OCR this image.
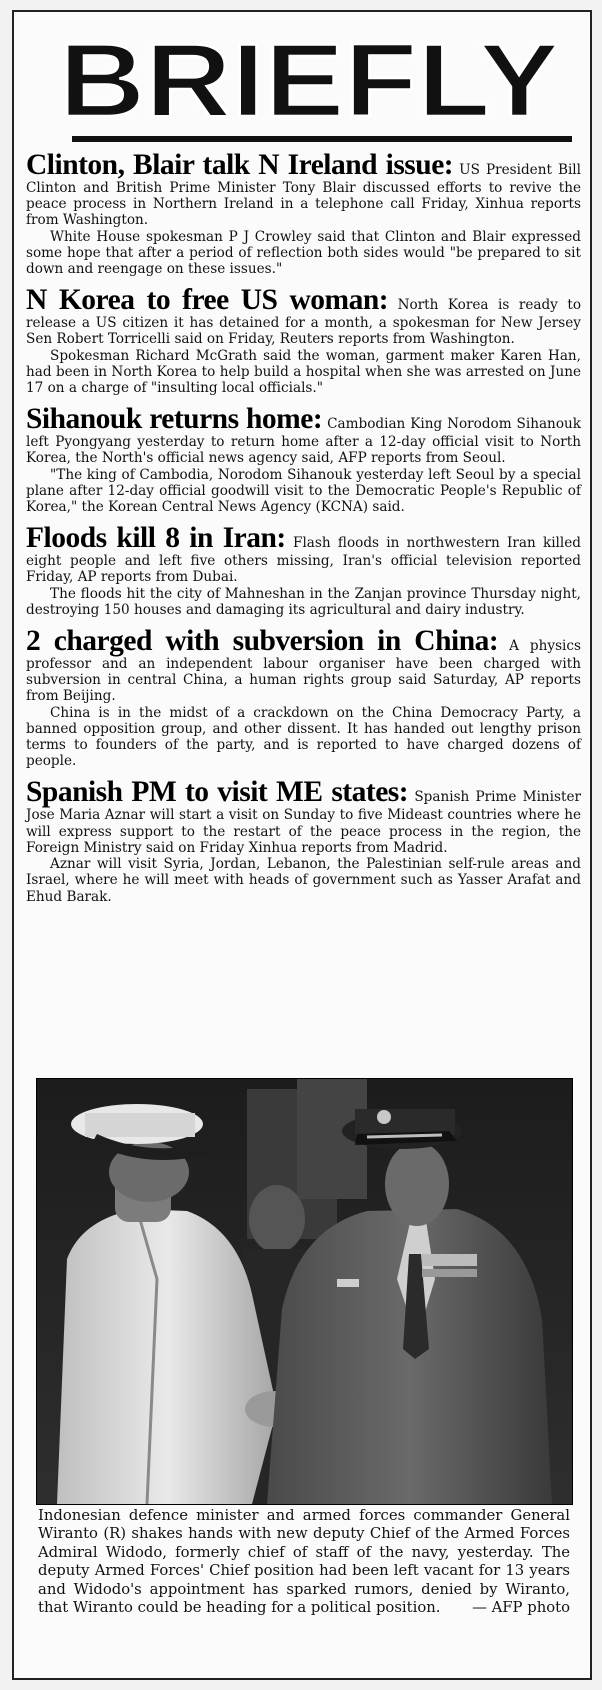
BRIEFLY

Clinton, Blair talk N Ireland issue: US President Bill Clinton and British Prime Minister Tony Blair discussed efforts to revive the peace process in Northern Ireland in a telephone call Friday, Xinhua reports from Washington.

White House spokesman P J Crowley said that Clinton and Blair expressed some hope that after a period of reflection both sides would "be prepared to sit down and reengage on these issues."

N Korea to free US woman: North Korea is ready to release a US citizen it has detained for a month, a spokesman for New Jersey Sen Robert Torricelli said on Friday, Reuters reports from Washington.

Spokesman Richard McGrath said the woman, garment maker Karen Han, had been in North Korea to help build a hospital when she was arrested on June 17 on a charge of "insulting local officials."

Sihanouk returns home: Cambodian King Norodom Sihanouk left Pyongyang yesterday to return home after a 12-day official visit to North Korea, the North's official news agency said, AFP reports from Seoul.

"The king of Cambodia, Norodom Sihanouk yesterday left Seoul by a special plane after 12-day official goodwill visit to the Democratic People's Republic of Korea," the Korean Central News Agency (KCNA) said.

Floods kill 8 in Iran: Flash floods in northwestern Iran killed eight people and left five others missing, Iran's official television reported Friday, AP reports from Dubai.

The floods hit the city of Mahneshan in the Zanjan province Thursday night, destroying 150 houses and damaging its agricultural and dairy industry.

2 charged with subversion in China: A physics professor and an independent labour organiser have been charged with subversion in central China, a human rights group said Saturday, AP reports from Beijing.

China is in the midst of a crackdown on the China Democracy Party, a banned opposition group, and other dissent. It has handed out lengthy prison terms to founders of the party, and is reported to have charged dozens of people.

Spanish PM to visit ME states: Spanish Prime Minister Jose Maria Aznar will start a visit on Sunday to five Mideast countries where he will express support to the restart of the peace process in the region, the Foreign Ministry said on Friday Xinhua reports from Madrid.

Aznar will visit Syria, Jordan, Lebanon, the Palestinian self-rule areas and Israel, where he will meet with heads of government such as Yasser Arafat and Ehud Barak.

Indonesian defence minister and armed forces commander General Wiranto (R) shakes hands with new deputy Chief of the Armed Forces Admiral Widodo, formerly chief of staff of the navy, yesterday. The deputy Armed Forces' Chief position had been left vacant for 13 years and Widodo's appointment has sparked rumors, denied by Wiranto, that Wiranto could be heading for a political position.	— AFP photo
